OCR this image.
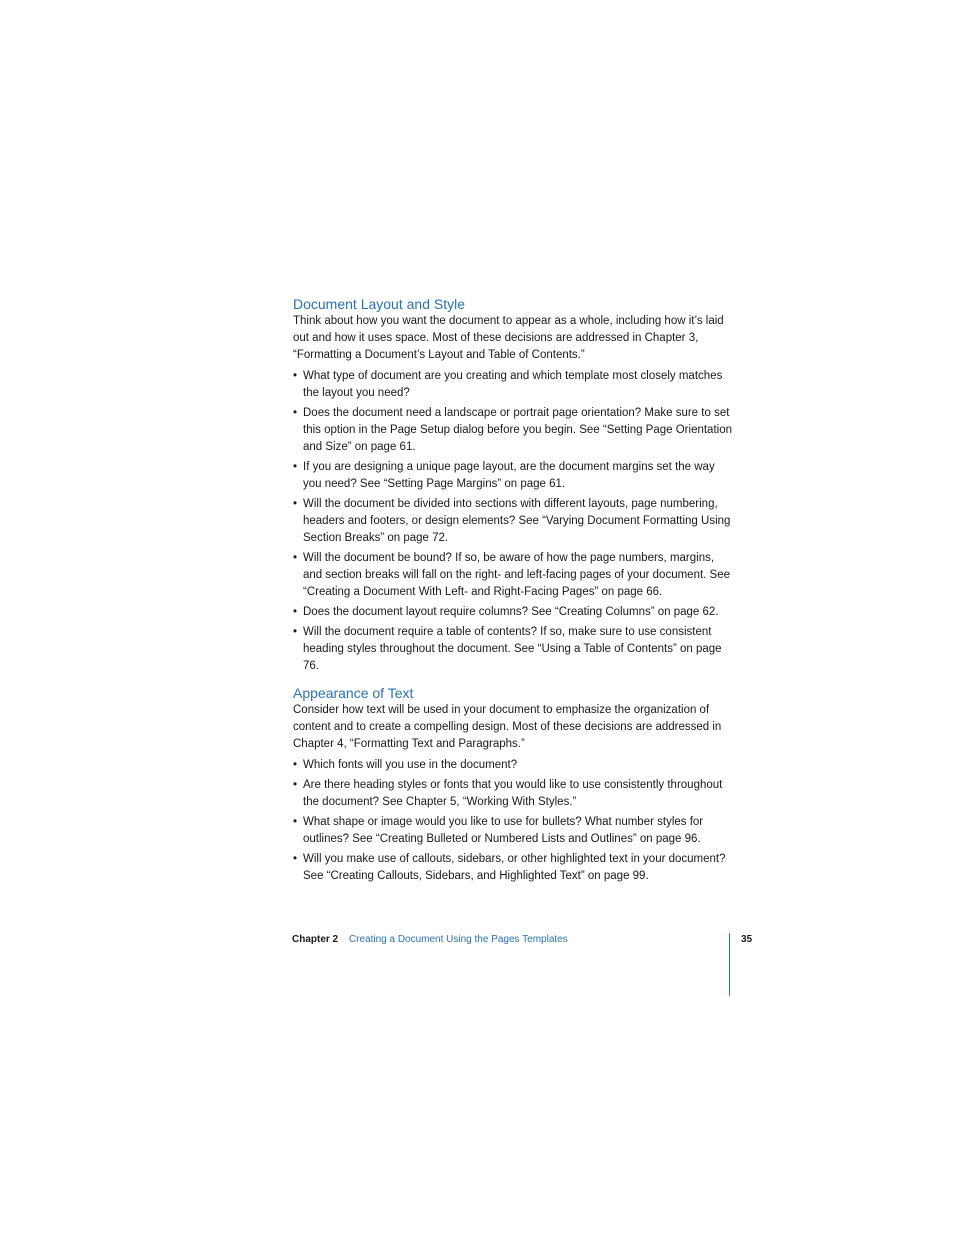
Document Layout and Style

Think about how you want the document to appear as a whole, including how it’s laid out and how it uses space. Most of these decisions are addressed in Chapter 3, “Formatting a Document’s Layout and Table of Contents.”

• What type of document are you creating and which template most closely matches the layout you need?
• Does the document need a landscape or portrait page orientation? Make sure to set this option in the Page Setup dialog before you begin. See “Setting Page Orientation and Size” on page 61.
• If you are designing a unique page layout, are the document margins set the way you need? See “Setting Page Margins” on page 61.
• Will the document be divided into sections with different layouts, page numbering, headers and footers, or design elements? See “Varying Document Formatting Using Section Breaks” on page 72.
• Will the document be bound? If so, be aware of how the page numbers, margins, and section breaks will fall on the right- and left-facing pages of your document. See “Creating a Document With Left- and Right-Facing Pages” on page 66.
• Does the document layout require columns? See “Creating Columns” on page 62.
• Will the document require a table of contents? If so, make sure to use consistent heading styles throughout the document. See “Using a Table of Contents” on page 76.
Appearance of Text

Consider how text will be used in your document to emphasize the organization of content and to create a compelling design. Most of these decisions are addressed in Chapter 4, “Formatting Text and Paragraphs.”

• Which fonts will you use in the document?
• Are there heading styles or fonts that you would like to use consistently throughout the document? See Chapter 5, “Working With Styles.”
• What shape or image would you like to use for bullets? What number styles for outlines? See “Creating Bulleted or Numbered Lists and Outlines” on page 96.
• Will you make use of callouts, sidebars, or other highlighted text in your document? See “Creating Callouts, Sidebars, and Highlighted Text” on page 99.
Chapter 2 Creating a Document Using the Pages Templates	35
